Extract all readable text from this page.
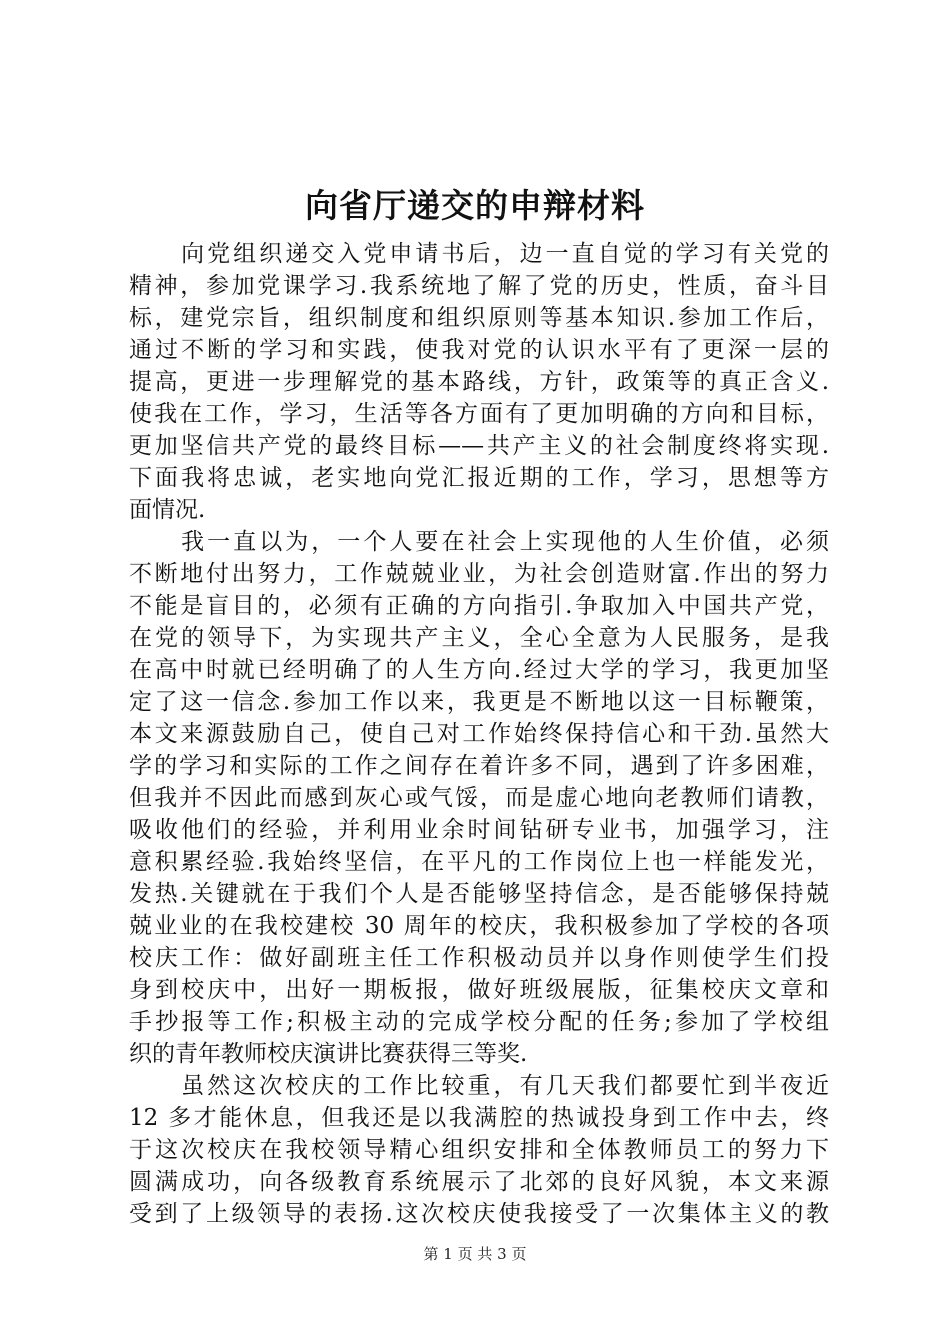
向省厅递交的申辩材料
　　向党组织递交入党申请书后，边一直自觉的学习有关党的
精神，参加党课学习.我系统地了解了党的历史，性质，奋斗目
标，建党宗旨，组织制度和组织原则等基本知识.参加工作后，
通过不断的学习和实践，使我对党的认识水平有了更深一层的
提高，更进一步理解党的基本路线，方针，政策等的真正含义.
使我在工作，学习，生活等各方面有了更加明确的方向和目标，
更加坚信共产党的最终目标——共产主义的社会制度终将实现.
下面我将忠诚，老实地向党汇报近期的工作，学习，思想等方
面情况.
　　我一直以为，一个人要在社会上实现他的人生价值，必须
不断地付出努力，工作兢兢业业，为社会创造财富.作出的努力
不能是盲目的，必须有正确的方向指引.争取加入中国共产党，
在党的领导下，为实现共产主义，全心全意为人民服务，是我
在高中时就已经明确了的人生方向.经过大学的学习，我更加坚
定了这一信念.参加工作以来，我更是不断地以这一目标鞭策，
本文来源鼓励自己，使自己对工作始终保持信心和干劲.虽然大
学的学习和实际的工作之间存在着许多不同，遇到了许多困难，
但我并不因此而感到灰心或气馁，而是虚心地向老教师们请教，
吸收他们的经验，并利用业余时间钻研专业书，加强学习，注
意积累经验.我始终坚信，在平凡的工作岗位上也一样能发光，
发热.关键就在于我们个人是否能够坚持信念，是否能够保持兢
兢业业的在我校建校 30 周年的校庆，我积极参加了学校的各项
校庆工作：做好副班主任工作积极动员并以身作则使学生们投
身到校庆中，出好一期板报，做好班级展版，征集校庆文章和
手抄报等工作;积极主动的完成学校分配的任务;参加了学校组
织的青年教师校庆演讲比赛获得三等奖.
　　虽然这次校庆的工作比较重，有几天我们都要忙到半夜近
12 多才能休息，但我还是以我满腔的热诚投身到工作中去，终
于这次校庆在我校领导精心组织安排和全体教师员工的努力下
圆满成功，向各级教育系统展示了北郊的良好风貌，本文来源
受到了上级领导的表扬.这次校庆使我接受了一次集体主义的教
第 1 页 共 3 页
